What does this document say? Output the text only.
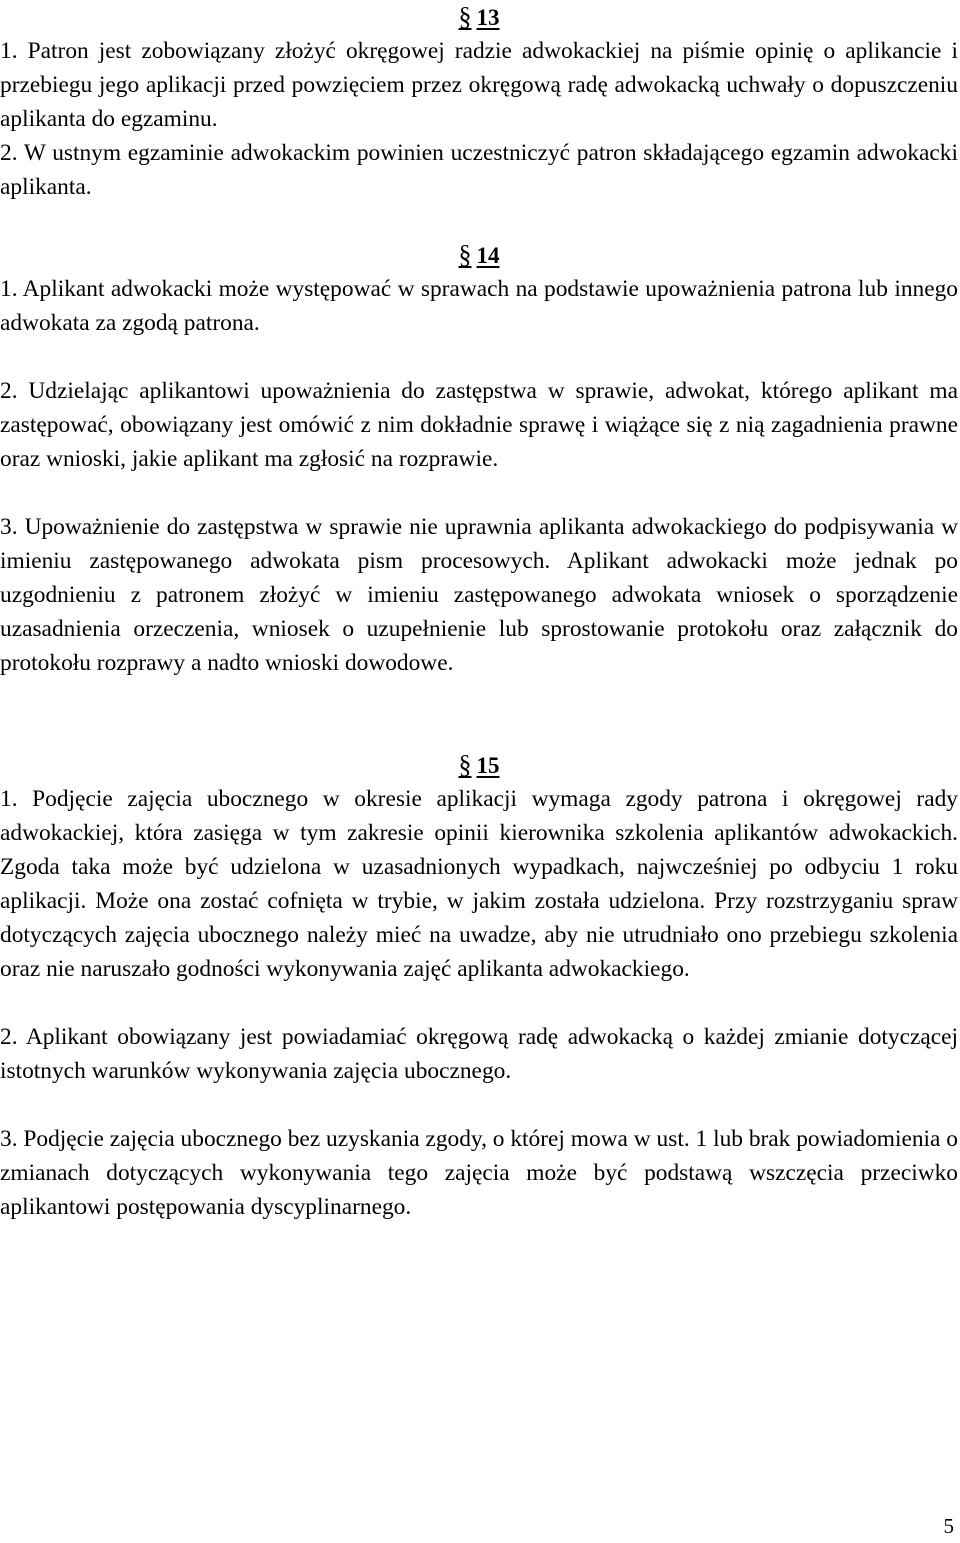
§ 13

1. Patron jest zobowiązany złożyć okręgowej radzie adwokackiej na piśmie opinię o aplikancie i przebiegu jego aplikacji przed powzięciem przez okręgową radę adwokacką uchwały o dopuszczeniu aplikanta do egzaminu.

2. W ustnym egzaminie adwokackim powinien uczestniczyć patron składającego egzamin adwokacki aplikanta.

§ 14

1. Aplikant adwokacki może występować w sprawach na podstawie upoważnienia patrona lub innego adwokata za zgodą patrona.

2. Udzielając aplikantowi upoważnienia do zastępstwa w sprawie, adwokat, którego aplikant ma zastępować, obowiązany jest omówić z nim dokładnie sprawę i wiążące się z nią zagadnienia prawne oraz wnioski, jakie aplikant ma zgłosić na rozprawie.

3. Upoważnienie do zastępstwa w sprawie nie uprawnia aplikanta adwokackiego do podpisywania w imieniu zastępowanego adwokata pism procesowych. Aplikant adwokacki może jednak po uzgodnieniu z patronem złożyć w imieniu zastępowanego adwokata wniosek o sporządzenie uzasadnienia orzeczenia, wniosek o uzupełnienie lub sprostowanie protokołu oraz załącznik do protokołu rozprawy a nadto wnioski dowodowe.

§ 15

1. Podjęcie zajęcia ubocznego w okresie aplikacji wymaga zgody patrona i okręgowej rady adwokackiej, która zasięga w tym zakresie opinii kierownika szkolenia aplikantów adwokackich. Zgoda taka może być udzielona w uzasadnionych wypadkach, najwcześniej po odbyciu 1 roku aplikacji. Może ona zostać cofnięta w trybie, w jakim została udzielona. Przy rozstrzyganiu spraw dotyczących zajęcia ubocznego należy mieć na uwadze, aby nie utrudniało ono przebiegu szkolenia oraz nie naruszało godności wykonywania zajęć aplikanta adwokackiego.

2. Aplikant obowiązany jest powiadamiać okręgową radę adwokacką o każdej zmianie dotyczącej istotnych warunków wykonywania zajęcia ubocznego.

3. Podjęcie zajęcia ubocznego bez uzyskania zgody, o której mowa w ust. 1 lub brak powiadomienia o zmianach dotyczących wykonywania tego zajęcia może być podstawą wszczęcia przeciwko aplikantowi postępowania dyscyplinarnego.

5
